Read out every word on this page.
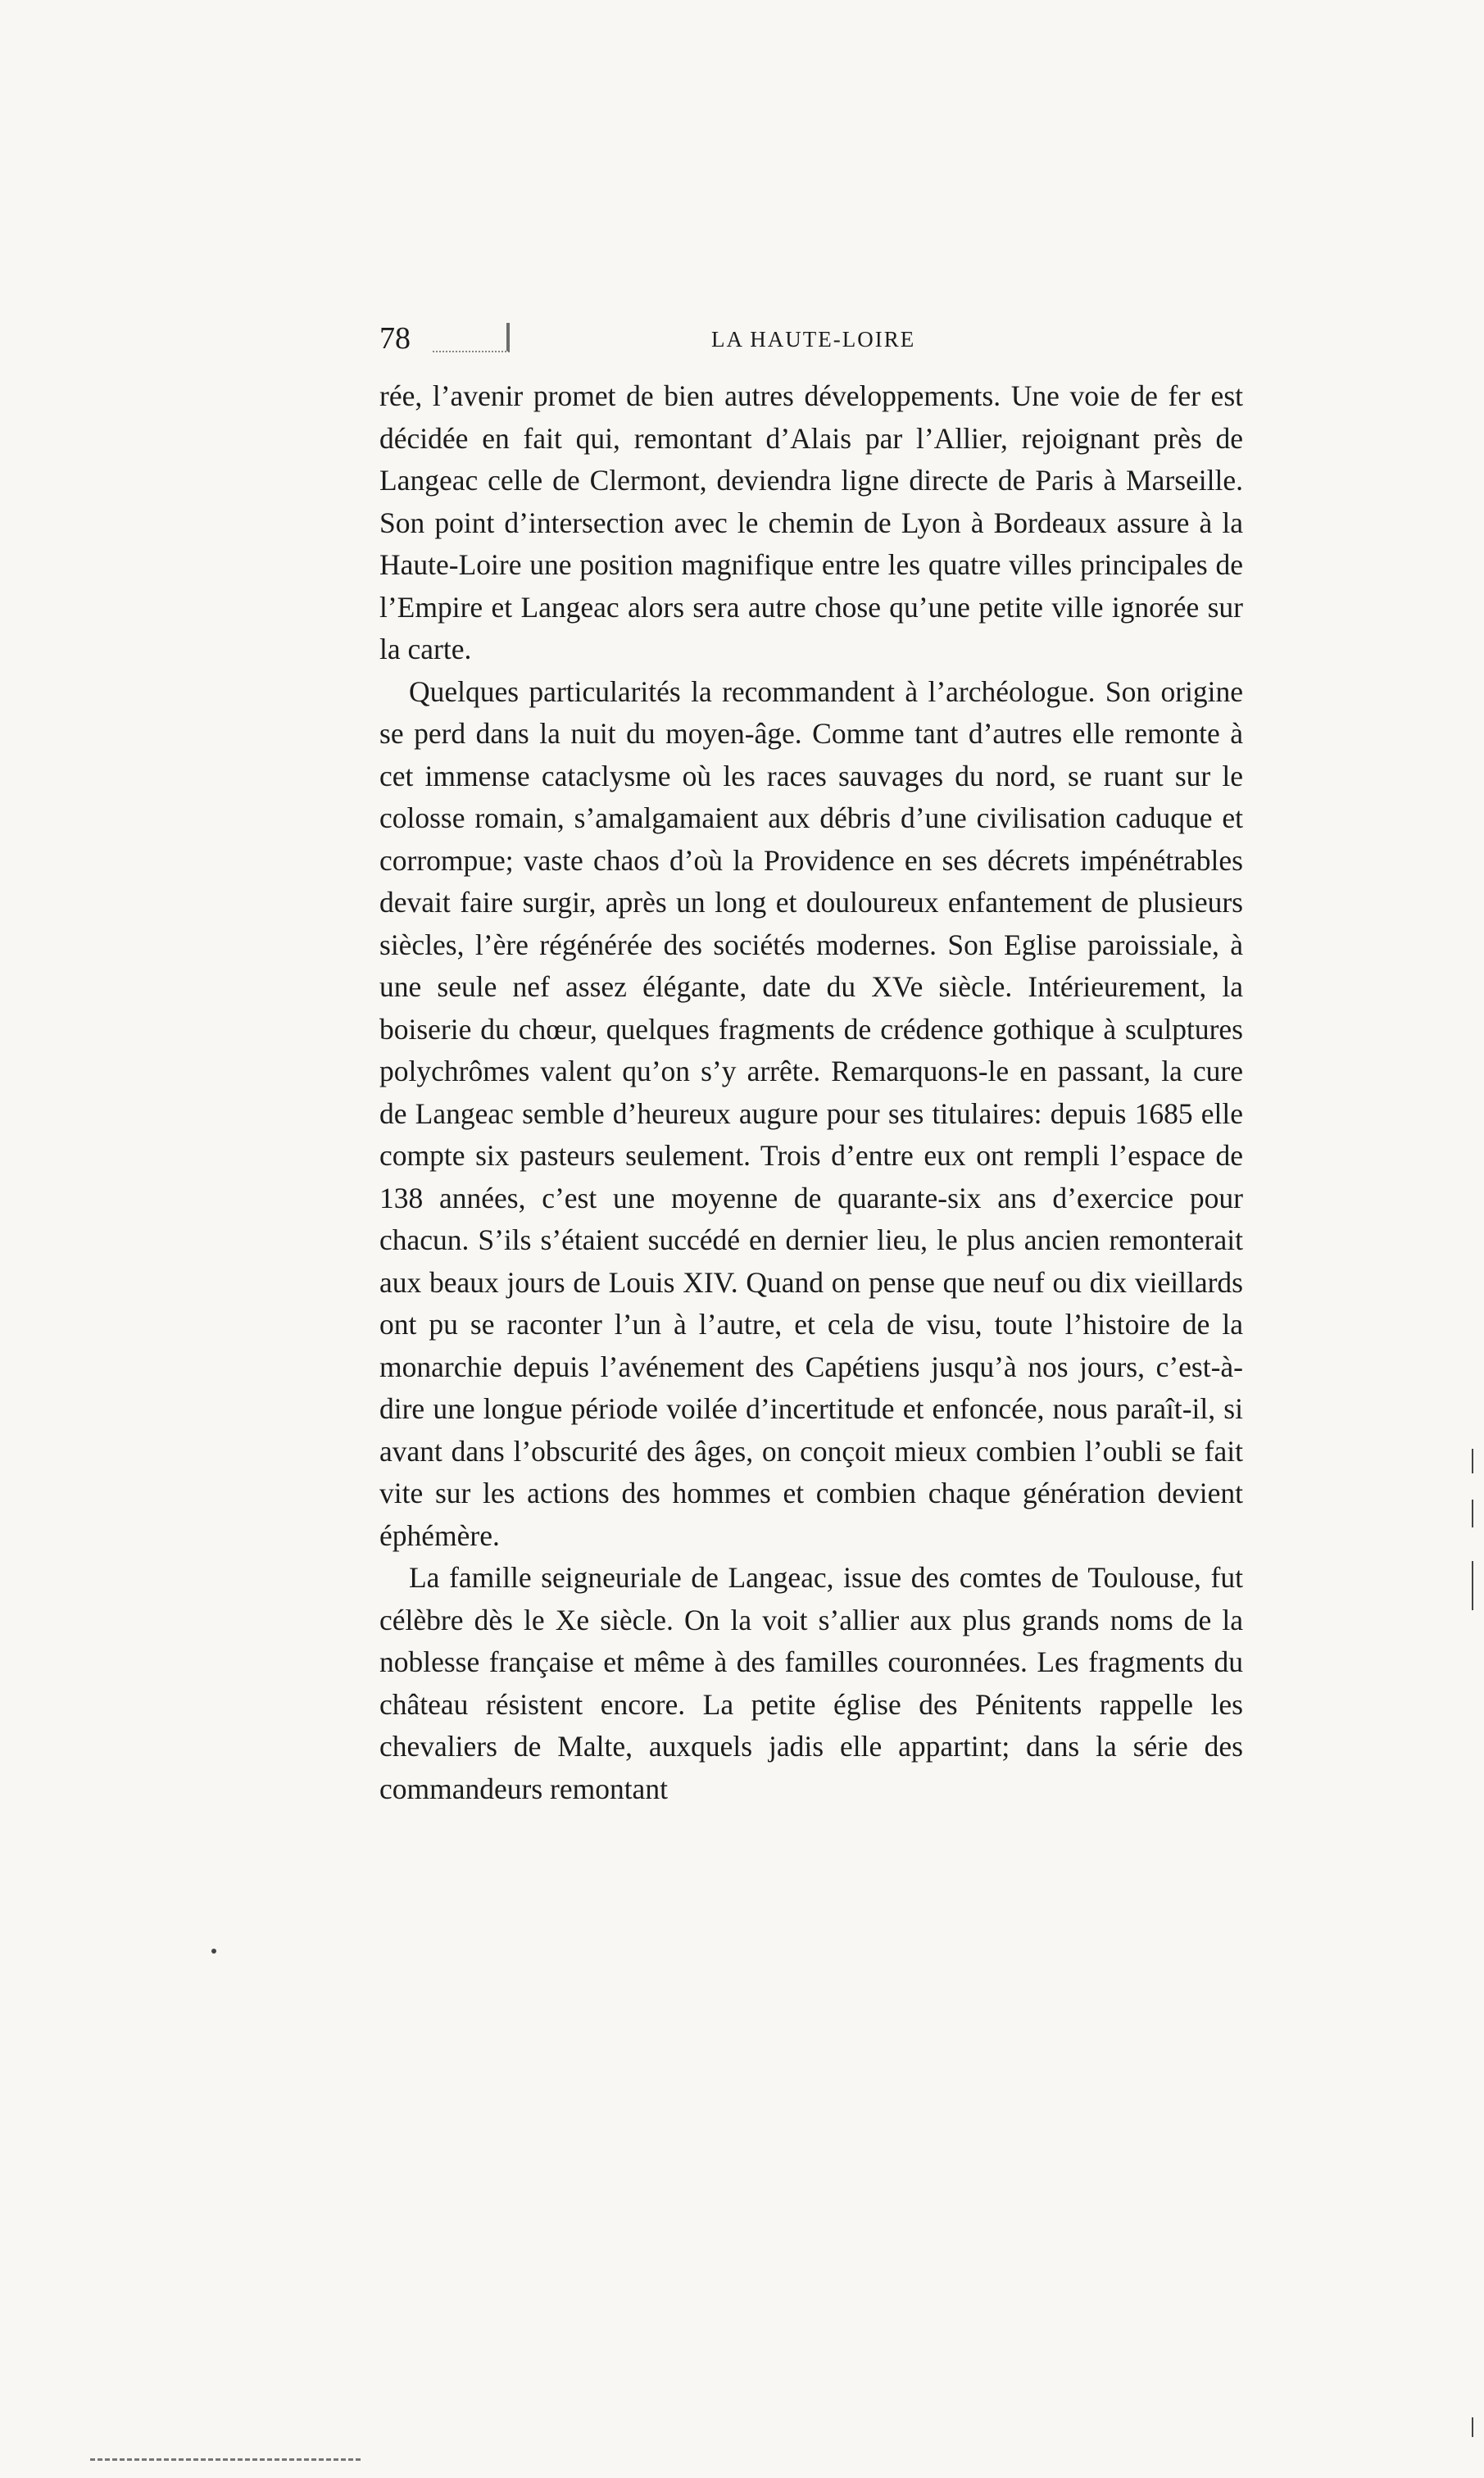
78	LA HAUTE-LOIRE

rée, l’avenir promet de bien autres développements. Une voie de fer est décidée en fait qui, remontant d’Alais par l’Allier, rejoignant près de Langeac celle de Clermont, deviendra ligne directe de Paris à Marseille. Son point d’intersection avec le chemin de Lyon à Bordeaux assure à la Haute-Loire une position magnifique entre les quatre villes principales de l’Empire et Langeac alors sera autre chose qu’une petite ville ignorée sur la carte.

Quelques particularités la recommandent à l’archéologue. Son origine se perd dans la nuit du moyen-âge. Comme tant d’autres elle remonte à cet immense cataclysme où les races sauvages du nord, se ruant sur le colosse romain, s’amalgamaient aux débris d’une civilisation caduque et corrompue; vaste chaos d’où la Providence en ses décrets impénétrables devait faire surgir, après un long et douloureux enfantement de plusieurs siècles, l’ère régénérée des sociétés modernes. Son Eglise paroissiale, à une seule nef assez élégante, date du XVe siècle. Intérieurement, la boiserie du chœur, quelques fragments de crédence gothique à sculptures polychrômes valent qu’on s’y arrête. Remarquons-le en passant, la cure de Langeac semble d’heureux augure pour ses titulaires: depuis 1685 elle compte six pasteurs seulement. Trois d’entre eux ont rempli l’espace de 138 années, c’est une moyenne de quarante-six ans d’exercice pour chacun. S’ils s’étaient succédé en dernier lieu, le plus ancien remonterait aux beaux jours de Louis XIV. Quand on pense que neuf ou dix vieillards ont pu se raconter l’un à l’autre, et cela de visu, toute l’histoire de la monarchie depuis l’avénement des Capétiens jusqu’à nos jours, c’est-à-dire une longue période voilée d’incertitude et enfoncée, nous paraît-il, si avant dans l’obscurité des âges, on conçoit mieux combien l’oubli se fait vite sur les actions des hommes et combien chaque génération devient éphémère.

La famille seigneuriale de Langeac, issue des comtes de Toulouse, fut célèbre dès le Xe siècle. On la voit s’allier aux plus grands noms de la noblesse française et même à des familles couronnées. Les fragments du château résistent encore. La petite église des Pénitents rappelle les chevaliers de Malte, auxquels jadis elle appartint; dans la série des commandeurs remontant
